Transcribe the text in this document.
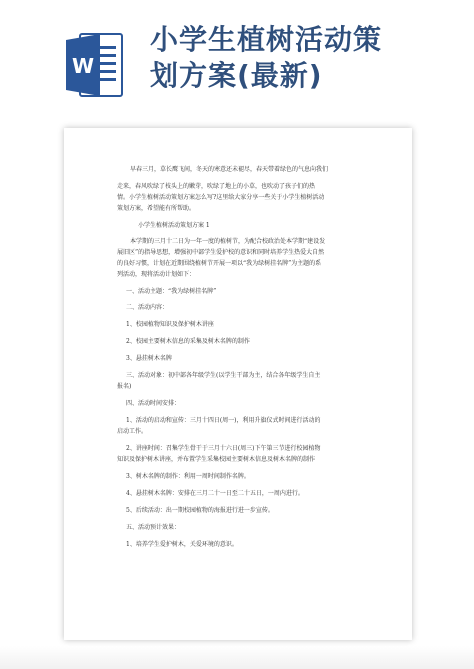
W
小学生植树活动策
划方案(最新)
早春三月，草长鹰飞间，冬天的寒意还未褪尽，春天带着绿色的气息向我们
走来，春风吹绿了枝头上的嫩芽，吹绿了地上的小草，也吹动了孩子们的热
情。小学生植树活动策划方案怎么写?这里给大家分享一些关于小学生植树活动
策划方案，希望能有所帮助。
小学生植树活动策划方案 1
本学期的三月十二日为一年一度的植树节，为配合校政治处本学期“建设发
展旧区”的指导思想，增强初中部学生爱护校的意识和同时培养学生热爱大自然
的良好习惯，计划在近期围绕植树节开展一项以“我为绿树挂名牌”为主题的系
列活动，现将活动计划如下：
一、活动主题：“我为绿树挂名牌”
二、活动内容：
1、校园植物知识及保护树木讲座
2、校园主要树木信息的采集及树木名牌的制作
3、悬挂树木名牌
三、活动对象：初中部各年级学生(以学生干部为主，结合各年级学生自主
报名)
四、活动时间安排：
1、活动的启动和宣传：三月十四日(周一)，利用升旗仪式时间进行活动的
启动工作。
2、讲座时间：召集学生骨干于三月十六日(周三)下午第三节进行校园植物
知识及保护树木讲座，并布置学生采集校园主要树木信息及树木名牌的制作
3、树木名牌的制作：利用一周时间制作名牌。
4、悬挂树木名牌：安排在三月二十一日至二十五日，一周内进行。
5、后续活动：出一期校园植物的海报进行进一步宣传。
五、活动预计效果：
1、培养学生爱护树木，关爱环境的意识。
